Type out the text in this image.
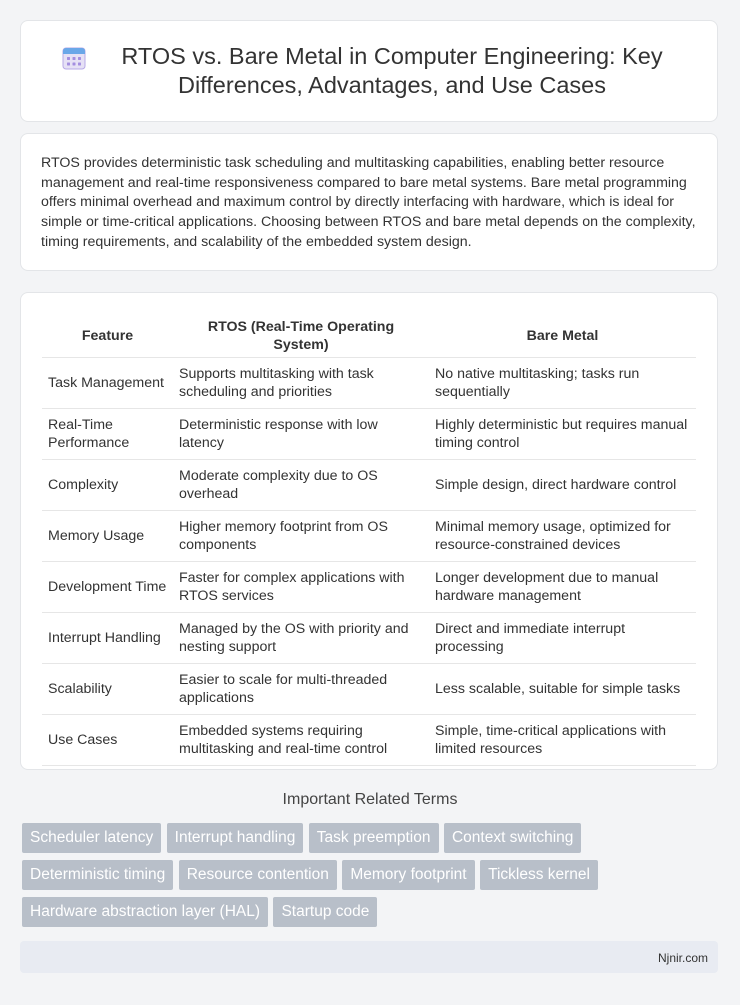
RTOS vs. Bare Metal in Computer Engineering: Key Differences, Advantages, and Use Cases

RTOS provides deterministic task scheduling and multitasking capabilities, enabling better resource management and real-time responsiveness compared to bare metal systems. Bare metal programming offers minimal overhead and maximum control by directly interfacing with hardware, which is ideal for simple or time-critical applications. Choosing between RTOS and bare metal depends on the complexity, timing requirements, and scalability of the embedded system design.

Feature	RTOS (Real-Time Operating System)	Bare Metal
Task Management	Supports multitasking with task scheduling and priorities	No native multitasking; tasks run sequentially
Real-Time Performance	Deterministic response with low latency	Highly deterministic but requires manual timing control
Complexity	Moderate complexity due to OS overhead	Simple design, direct hardware control
Memory Usage	Higher memory footprint from OS components	Minimal memory usage, optimized for resource-constrained devices
Development Time	Faster for complex applications with RTOS services	Longer development due to manual hardware management
Interrupt Handling	Managed by the OS with priority and nesting support	Direct and immediate interrupt processing
Scalability	Easier to scale for multi-threaded applications	Less scalable, suitable for simple tasks
Use Cases	Embedded systems requiring multitasking and real-time control	Simple, time-critical applications with limited resources
Important Related Terms
Scheduler latency Interrupt handling Task preemption Context switching Deterministic timing Resource contention Memory footprint Tickless kernel Hardware abstraction layer (HAL) Startup code
Njnir.com
